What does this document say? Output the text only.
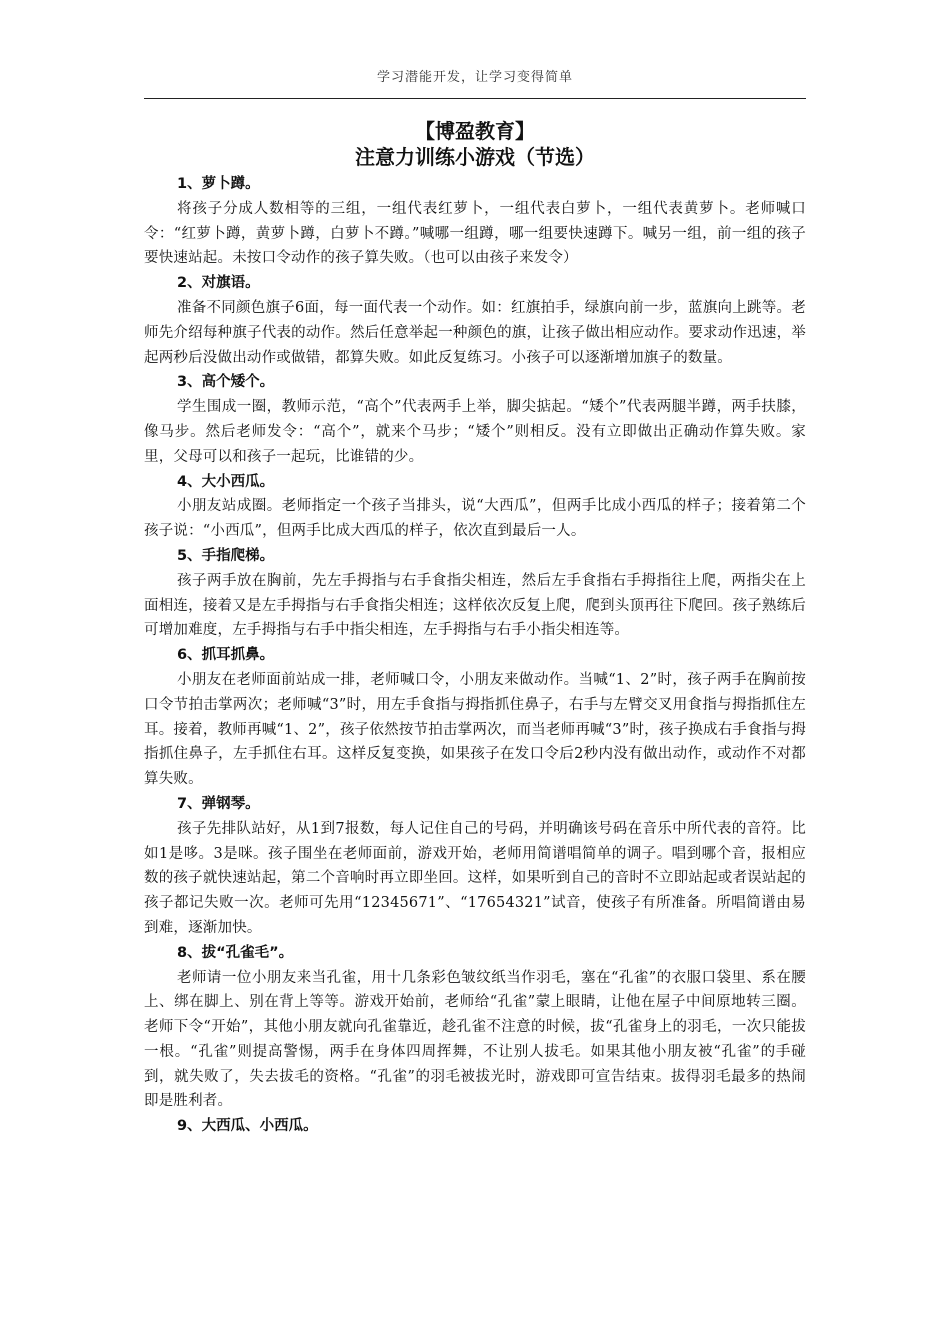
学习潜能开发，让学习变得简单
【博盈教育】
注意力训练小游戏（节选）
1、萝卜蹲。

将孩子分成人数相等的三组，一组代表红萝卜，一组代表白萝卜，一组代表黄萝卜。老师喊口令：“红萝卜蹲，黄萝卜蹲，白萝卜不蹲。”喊哪一组蹲，哪一组要快速蹲下。喊另一组，前一组的孩子要快速站起。未按口令动作的孩子算失败。（也可以由孩子来发令）

2、对旗语。

准备不同颜色旗子6面，每一面代表一个动作。如：红旗拍手，绿旗向前一步，蓝旗向上跳等。老师先介绍每种旗子代表的动作。然后任意举起一种颜色的旗，让孩子做出相应动作。要求动作迅速，举起两秒后没做出动作或做错，都算失败。如此反复练习。小孩子可以逐渐增加旗子的数量。

3、高个矮个。

学生围成一圈，教师示范，“高个”代表两手上举，脚尖掂起。“矮个”代表两腿半蹲，两手扶膝，像马步。然后老师发令：“高个”，就来个马步；“矮个”则相反。没有立即做出正确动作算失败。家里，父母可以和孩子一起玩，比谁错的少。

4、大小西瓜。

小朋友站成圈。老师指定一个孩子当排头，说“大西瓜”，但两手比成小西瓜的样子；接着第二个孩子说：“小西瓜”，但两手比成大西瓜的样子，依次直到最后一人。

5、手指爬梯。

孩子两手放在胸前，先左手拇指与右手食指尖相连，然后左手食指右手拇指往上爬，两指尖在上面相连，接着又是左手拇指与右手食指尖相连；这样依次反复上爬，爬到头顶再往下爬回。孩子熟练后可增加难度，左手拇指与右手中指尖相连，左手拇指与右手小指尖相连等。

6、抓耳抓鼻。

小朋友在老师面前站成一排，老师喊口令，小朋友来做动作。当喊“1、2”时，孩子两手在胸前按口令节拍击掌两次；老师喊“3”时，用左手食指与拇指抓住鼻子，右手与左臂交叉用食指与拇指抓住左耳。接着，教师再喊“1、2”，孩子依然按节拍击掌两次，而当老师再喊“3”时，孩子换成右手食指与拇指抓住鼻子，左手抓住右耳。这样反复变换，如果孩子在发口令后2秒内没有做出动作，或动作不对都算失败。

7、弹钢琴。

孩子先排队站好，从1到7报数，每人记住自己的号码，并明确该号码在音乐中所代表的音符。比如1是哆。3是咪。孩子围坐在老师面前，游戏开始，老师用简谱唱简单的调子。唱到哪个音，报相应数的孩子就快速站起，第二个音响时再立即坐回。这样，如果听到自己的音时不立即站起或者误站起的孩子都记失败一次。老师可先用“12345671”、“17654321”试音，使孩子有所准备。所唱简谱由易到难，逐渐加快。

8、拔“孔雀毛”。

老师请一位小朋友来当孔雀，用十几条彩色皱纹纸当作羽毛，塞在“孔雀”的衣服口袋里、系在腰上、绑在脚上、别在背上等等。游戏开始前，老师给“孔雀”蒙上眼睛，让他在屋子中间原地转三圈。老师下令“开始”，其他小朋友就向孔雀靠近，趁孔雀不注意的时候，拔“孔雀身上的羽毛，一次只能拔一根。“孔雀”则提高警惕，两手在身体四周挥舞，不让别人拔毛。如果其他小朋友被“孔雀”的手碰到，就失败了，失去拔毛的资格。“孔雀”的羽毛被拔光时，游戏即可宣告结束。拔得羽毛最多的热闹即是胜利者。

9、大西瓜、小西瓜。
